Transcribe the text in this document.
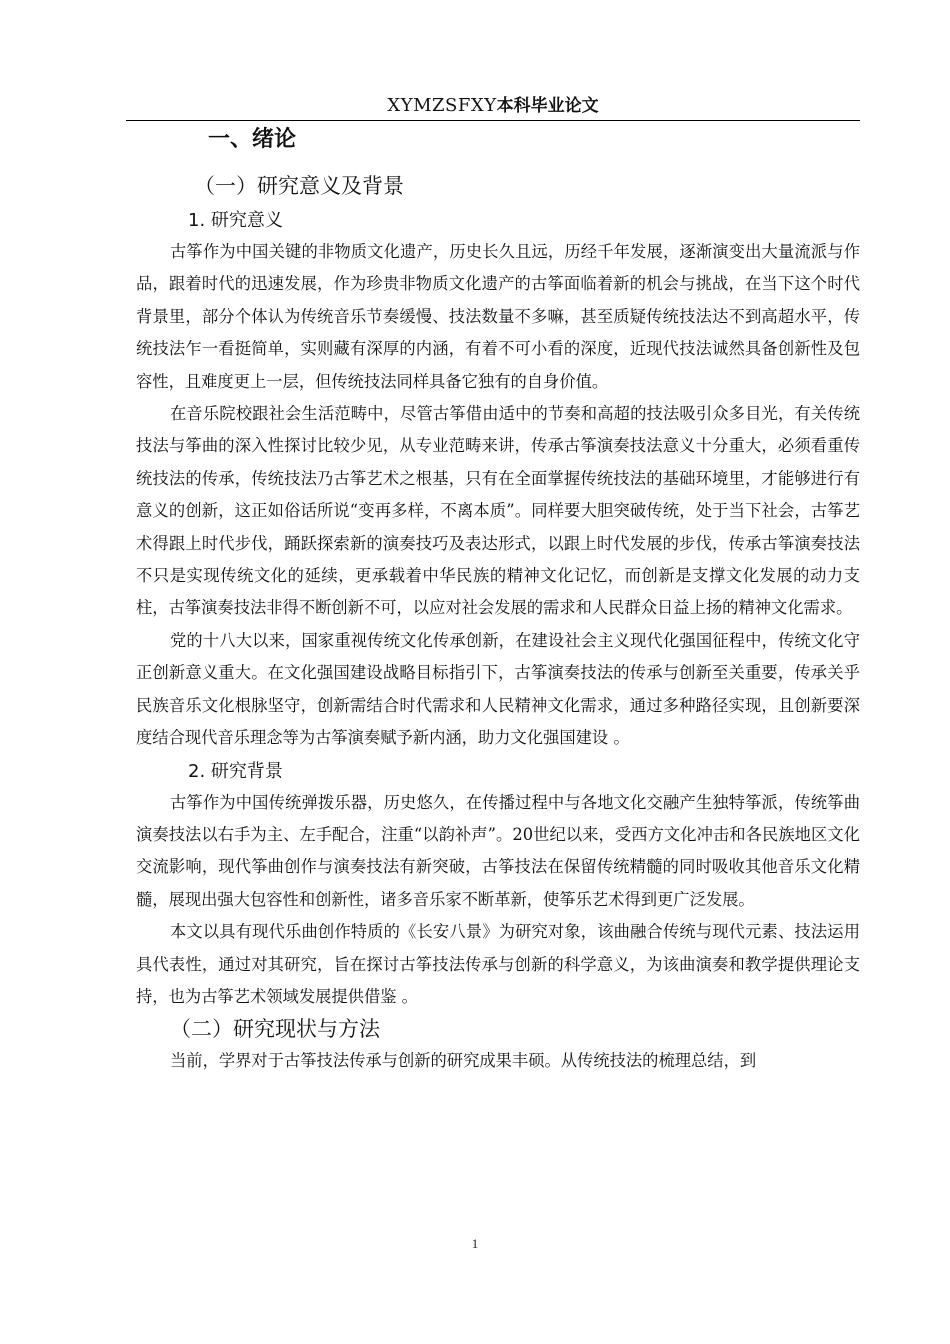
XYMZSFXY本科毕业论文
一、绪论
（一）研究意义及背景
1. 研究意义

古筝作为中国关键的非物质文化遗产，历史长久且远，历经千年发展，逐渐演变出大量流派与作品，跟着时代的迅速发展，作为珍贵非物质文化遗产的古筝面临着新的机会与挑战，在当下这个时代背景里，部分个体认为传统音乐节奏缓慢、技法数量不多嘛，甚至质疑传统技法达不到高超水平，传统技法乍一看挺简单，实则藏有深厚的内涵，有着不可小看的深度，近现代技法诚然具备创新性及包容性，且难度更上一层，但传统技法同样具备它独有的自身价值。

在音乐院校跟社会生活范畴中，尽管古筝借由适中的节奏和高超的技法吸引众多目光，有关传统技法与筝曲的深入性探讨比较少见，从专业范畴来讲，传承古筝演奏技法意义十分重大，必须看重传统技法的传承，传统技法乃古筝艺术之根基，只有在全面掌握传统技法的基础环境里，才能够进行有意义的创新，这正如俗话所说“变再多样，不离本质”。同样要大胆突破传统，处于当下社会，古筝艺术得跟上时代步伐，踊跃探索新的演奏技巧及表达形式，以跟上时代发展的步伐，传承古筝演奏技法不只是实现传统文化的延续，更承载着中华民族的精神文化记忆，而创新是支撑文化发展的动力支柱，古筝演奏技法非得不断创新不可，以应对社会发展的需求和人民群众日益上扬的精神文化需求。

党的十八大以来，国家重视传统文化传承创新，在建设社会主义现代化强国征程中，传统文化守正创新意义重大。在文化强国建设战略目标指引下，古筝演奏技法的传承与创新至关重要，传承关乎民族音乐文化根脉坚守，创新需结合时代需求和人民精神文化需求，通过多种路径实现，且创新要深度结合现代音乐理念等为古筝演奏赋予新内涵，助力文化强国建设 。

2. 研究背景

古筝作为中国传统弹拨乐器，历史悠久，在传播过程中与各地文化交融产生独特筝派，传统筝曲演奏技法以右手为主、左手配合，注重“以韵补声”。20世纪以来，受西方文化冲击和各民族地区文化交流影响，现代筝曲创作与演奏技法有新突破，古筝技法在保留传统精髓的同时吸收其他音乐文化精髓，展现出强大包容性和创新性，诸多音乐家不断革新，使筝乐艺术得到更广泛发展。

本文以具有现代乐曲创作特质的《长安八景》为研究对象，该曲融合传统与现代元素、技法运用具代表性，通过对其研究，旨在探讨古筝技法传承与创新的科学意义，为该曲演奏和教学提供理论支持，也为古筝艺术领域发展提供借鉴 。

（二）研究现状与方法

当前，学界对于古筝技法传承与创新的研究成果丰硕。从传统技法的梳理总结，到

1
